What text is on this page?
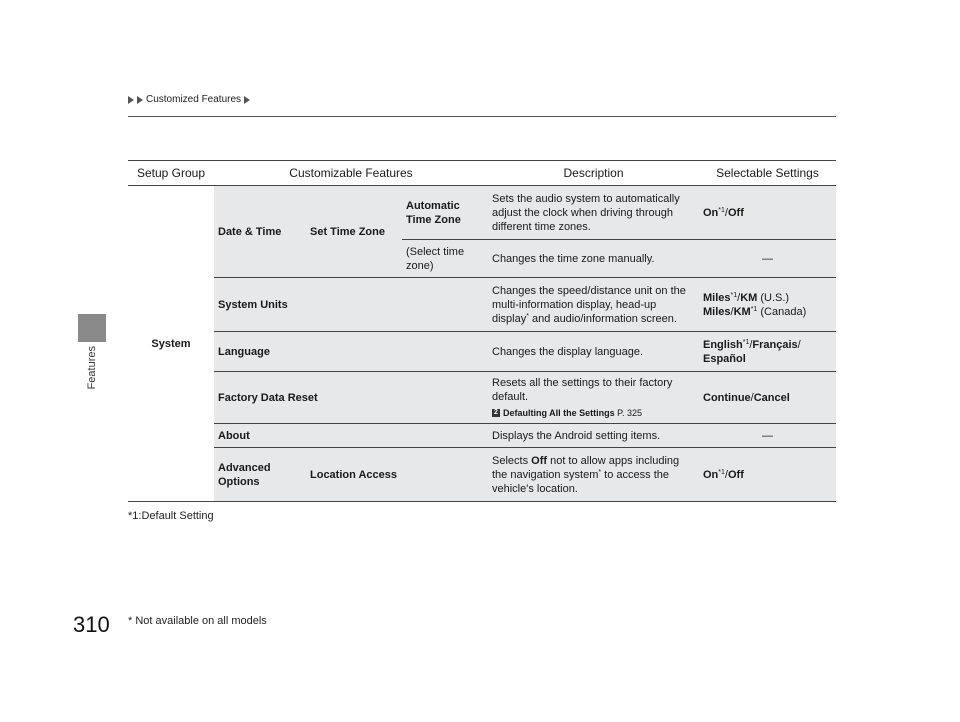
Customized Features
Features
Setup Group	Customizable Features			Description	Selectable Settings
System	Date & Time	Set Time Zone	Automatic Time Zone	Sets the audio system to automatically adjust the clock when driving through different time zones.	On$^{*1}$/Off
			(Select time zone)	Changes the time zone manually.	—
	System Units			Changes the speed/distance unit on the multi-information display, head-up display* and audio/information screen.	Miles$^{*1}$/KM (U.S.)
Miles/KM$^{*1}$ (Canada)
	Language			Changes the display language.	English$^{*1}$/Français/
Español
	Factory Data Reset			Resets all the settings to their factory default.
2 Defaulting All the Settings P. 325	Continue/Cancel
	About			Displays the Android setting items.	—
	Advanced Options	Location Access		Selects Off not to allow apps including the navigation system* to access the vehicle's location.	On$^{*1}$/Off
*1:Default Setting
310 * Not available on all models
